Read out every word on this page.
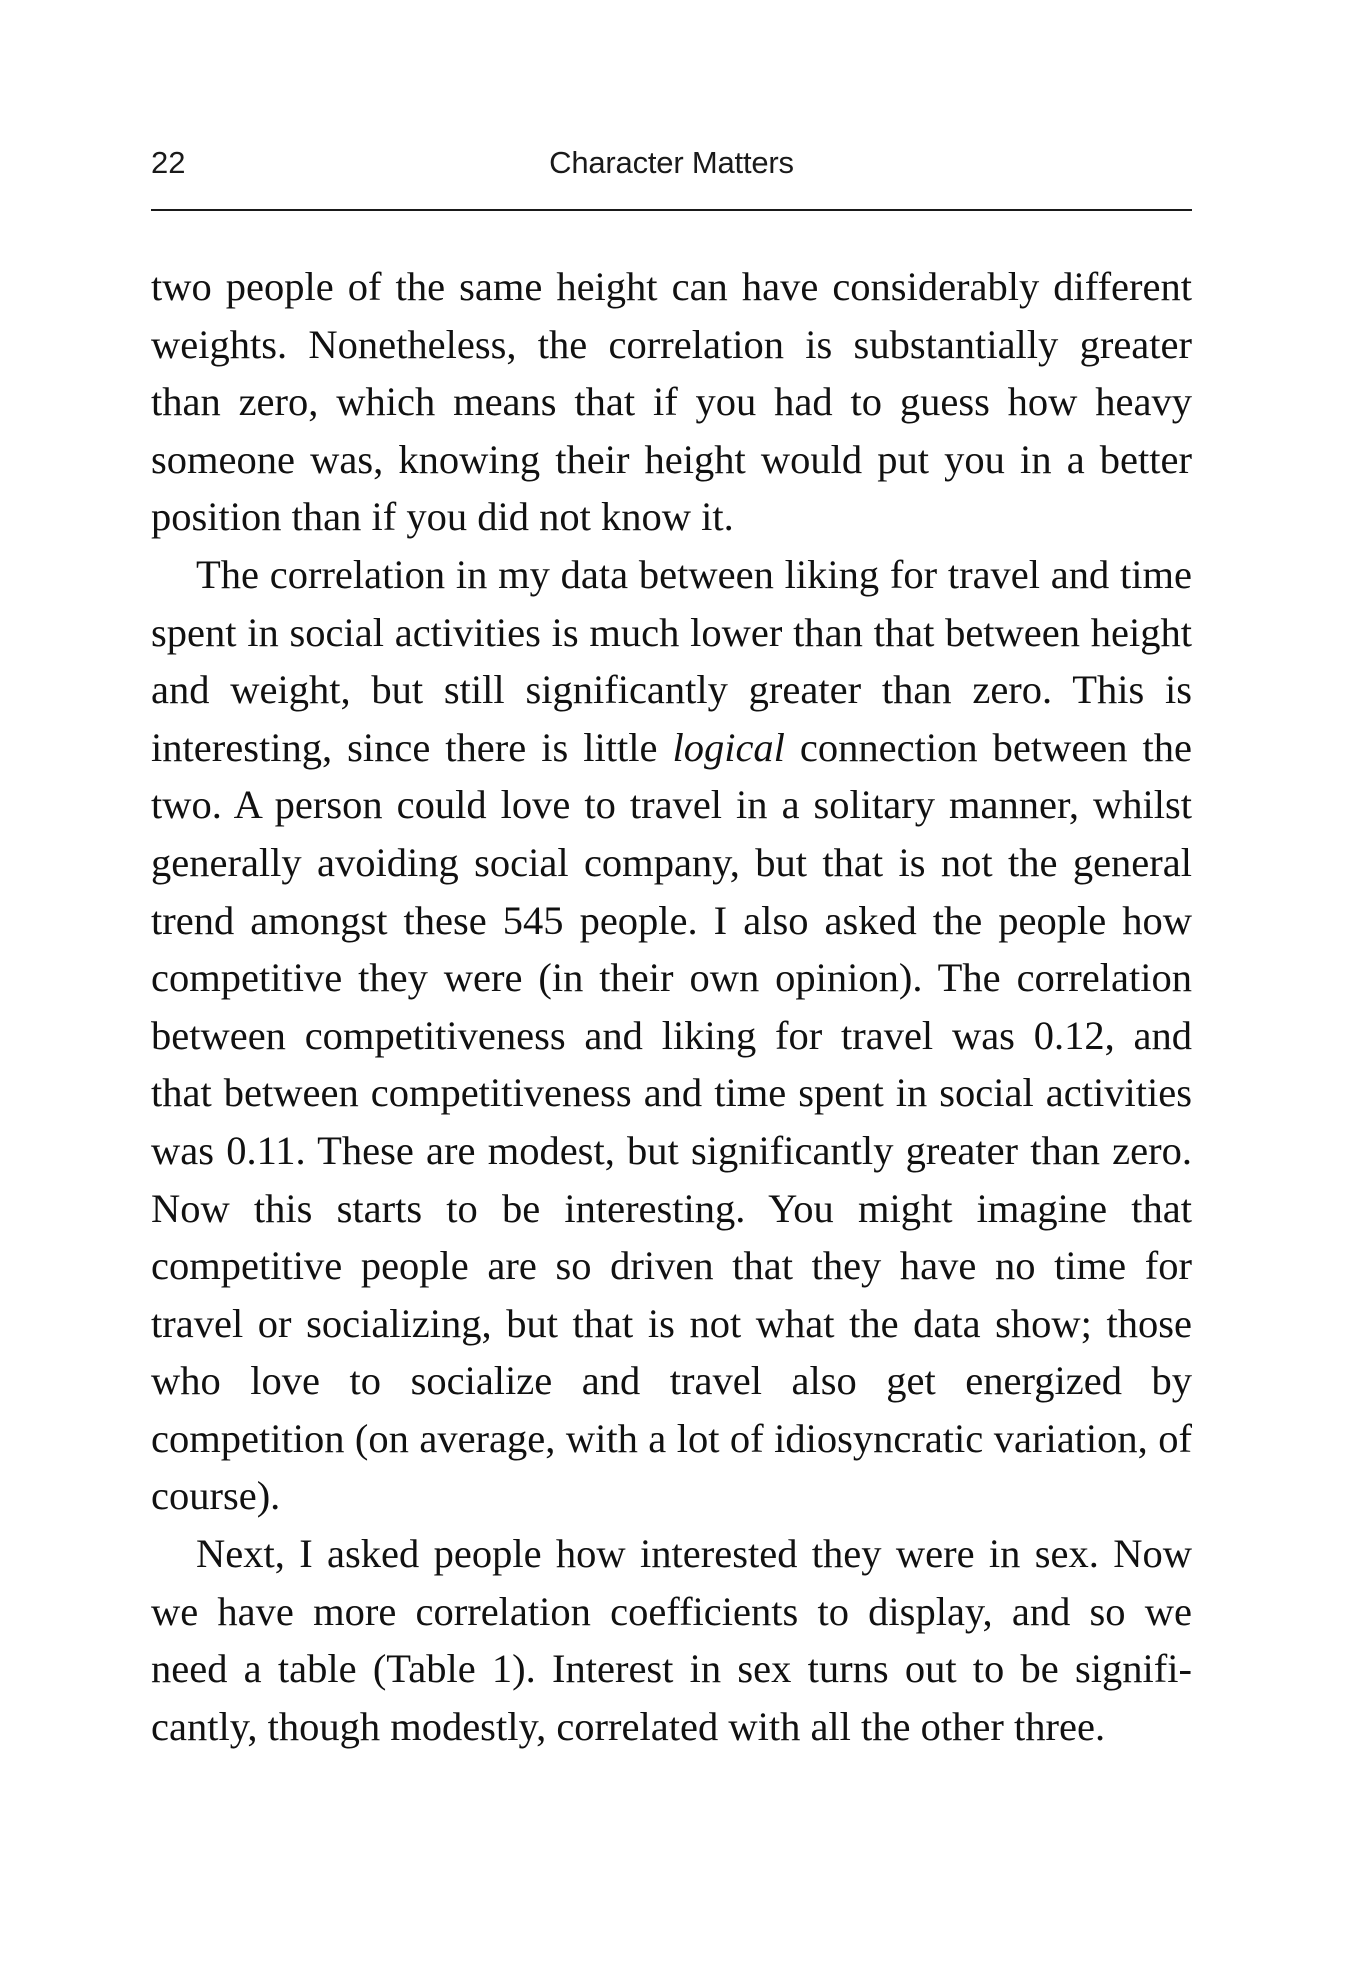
22	Character Matters

two people of the same height can have considerably different weights. Nonetheless, the correlation is substantially greater than zero, which means that if you had to guess how heavy someone was, knowing their height would put you in a better position than if you did not know it.

The correlation in my data between liking for travel and time spent in social activities is much lower than that between height and weight, but still significantly greater than zero. This is interesting, since there is little logical connection between the two. A person could love to travel in a solitary manner, whilst generally avoiding social company, but that is not the general trend amongst these 545 people. I also asked the people how competitive they were (in their own opinion). The correlation between competitiveness and liking for travel was 0.12, and that between competitiveness and time spent in social activities was 0.11. These are modest, but significantly greater than zero. Now this starts to be interesting. You might imagine that competitive people are so driven that they have no time for travel or socializing, but that is not what the data show; those who love to socialize and travel also get energized by competition (on average, with a lot of idiosyncratic variation, of course).

Next, I asked people how interested they were in sex. Now we have more correlation coefficients to display, and so we need a table (Table 1). Interest in sex turns out to be significantly, though modestly, correlated with all the other three.
